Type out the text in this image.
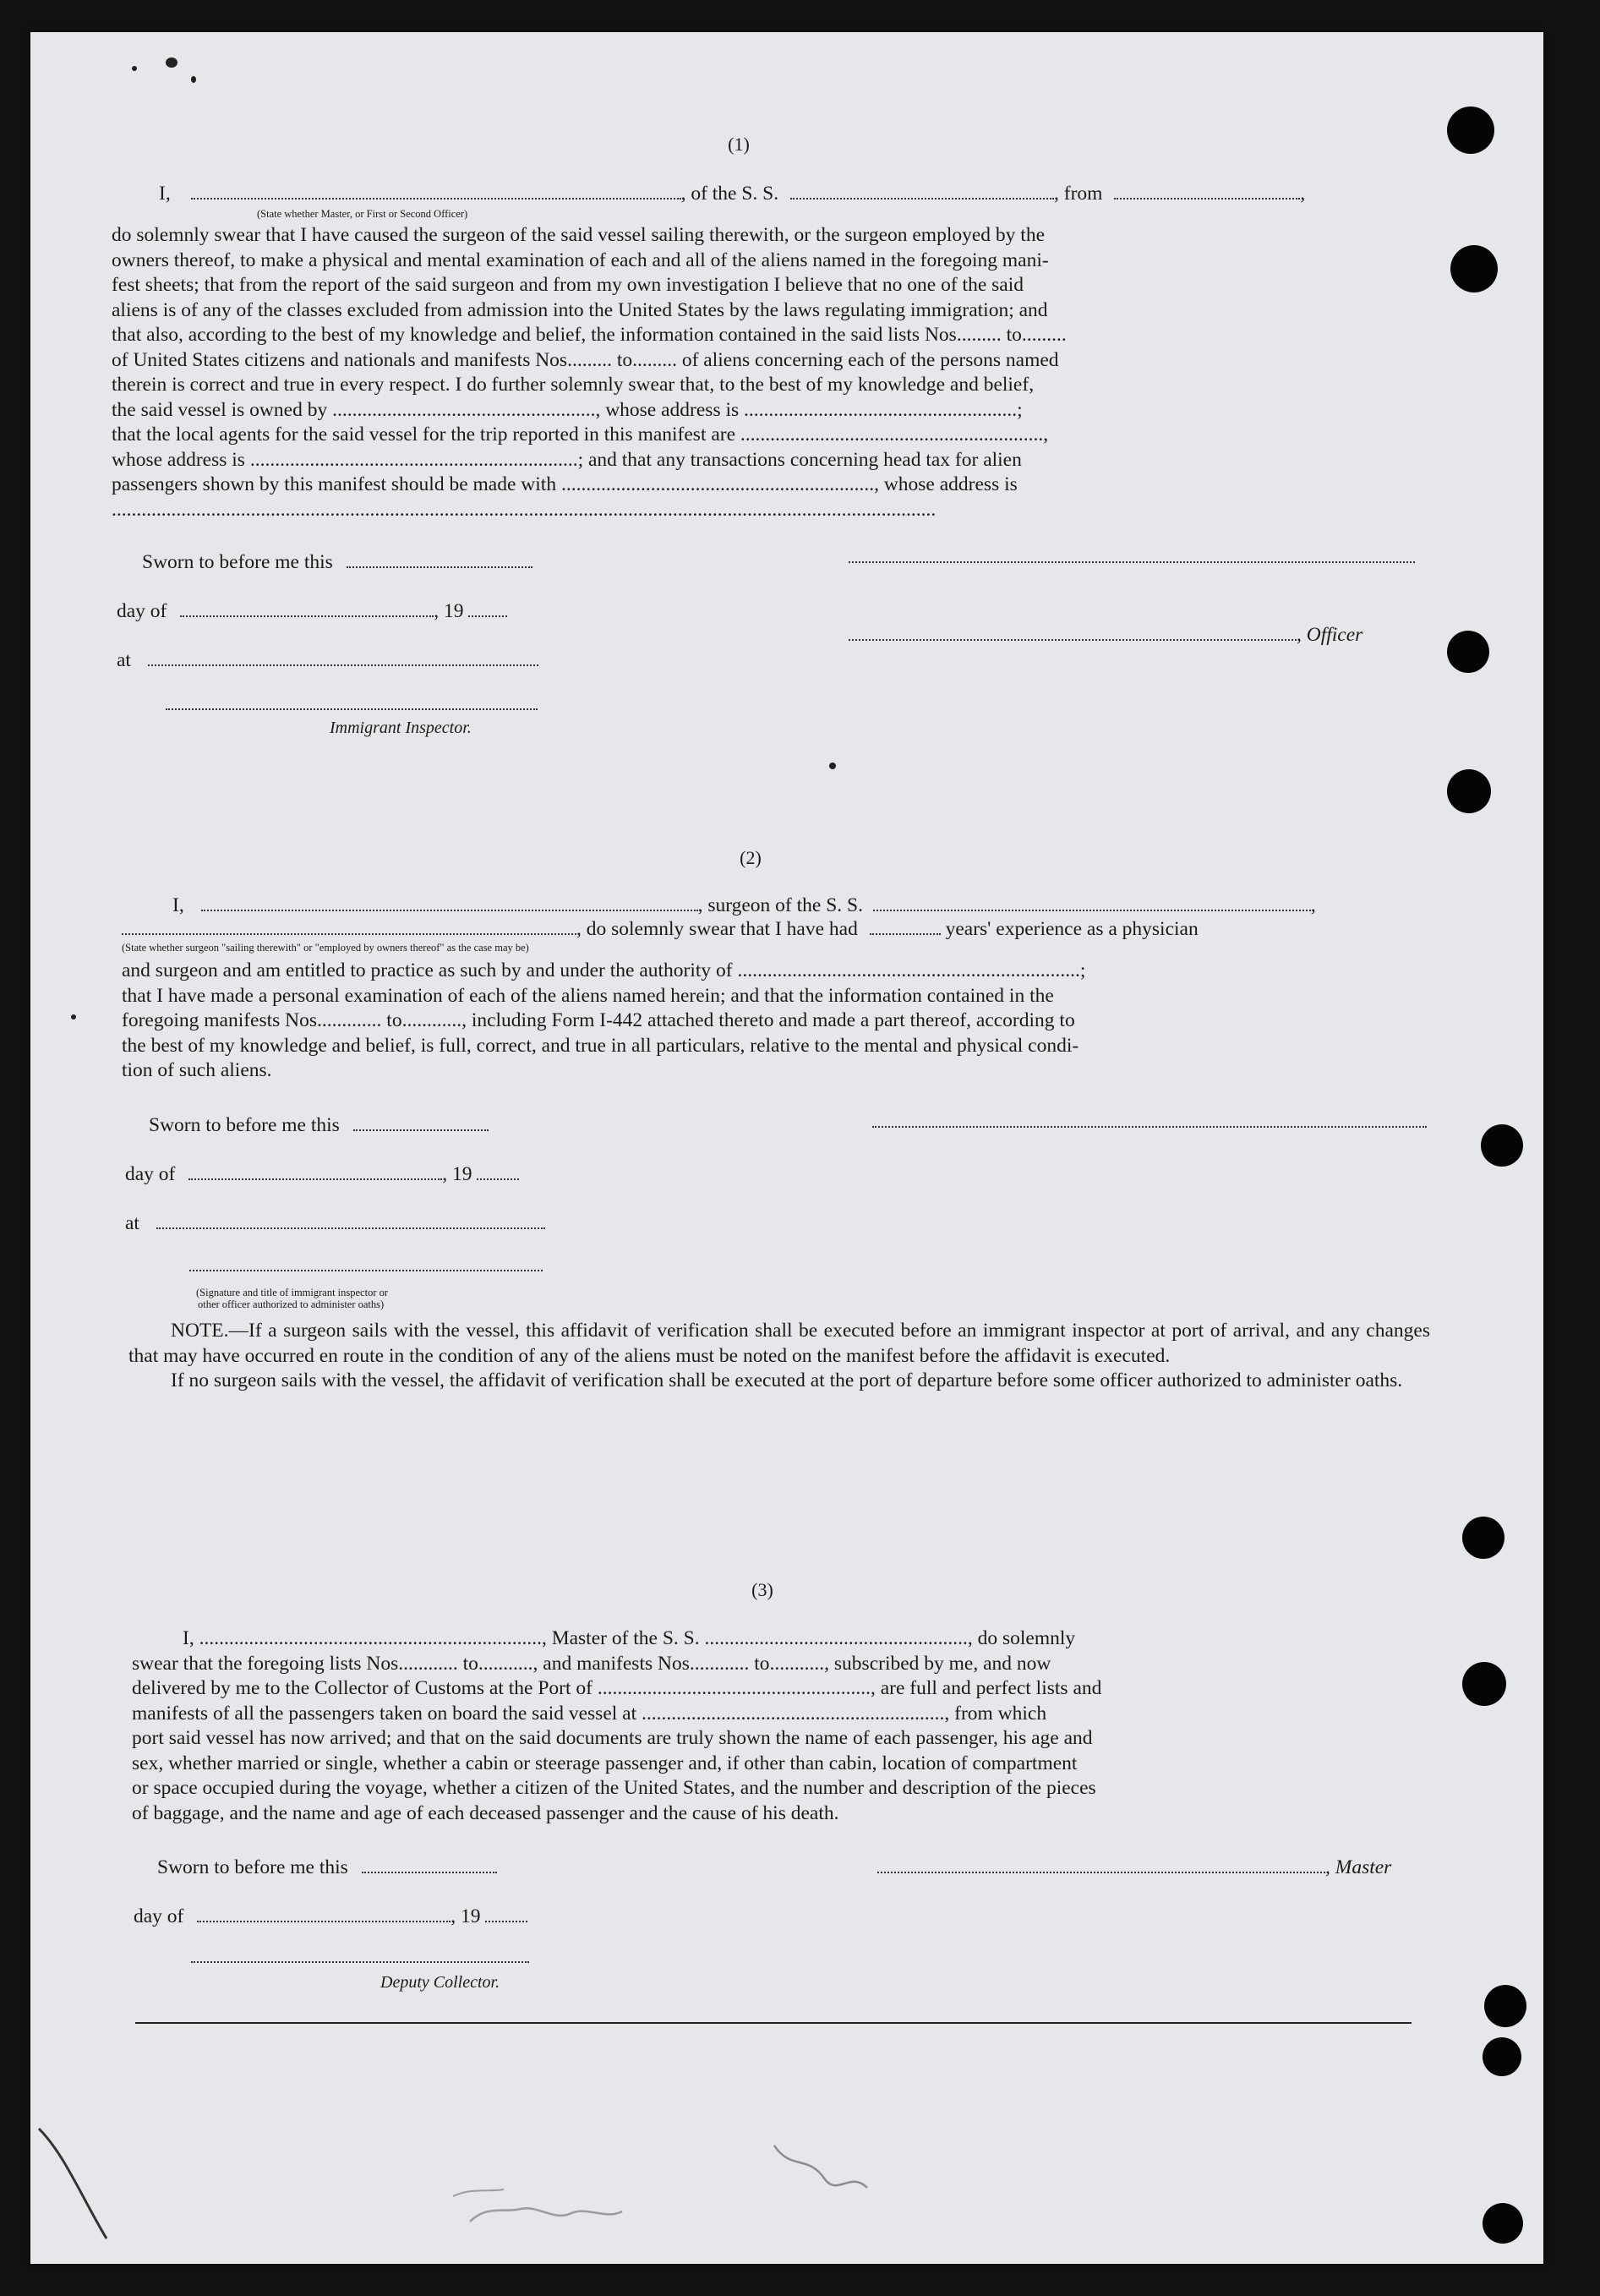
(1)
I,	, of the S. S.	, from	,
(State whether Master, or First or Second Officer)

do solemnly swear that I have caused the surgeon of the said vessel sailing therewith, or the surgeon employed by the

owners thereof, to make a physical and mental examination of each and all of the aliens named in the foregoing mani-

fest sheets; that from the report of the said surgeon and from my own investigation I believe that no one of the said

aliens is of any of the classes excluded from admission into the United States by the laws regulating immigration; and

that also, according to the best of my knowledge and belief, the information contained in the said lists Nos......... to.........

of United States citizens and nationals and manifests Nos......... to......... of aliens concerning each of the persons named

therein is correct and true in every respect. I do further solemnly swear that, to the best of my knowledge and belief,

the said vessel is owned by ....................................................., whose address is .......................................................;

that the local agents for the said vessel for the trip reported in this manifest are .............................................................,

whose address is ..................................................................; and that any transactions concerning head tax for alien

passengers shown by this manifest should be made with ..............................................................., whose address is

......................................................................................................................................................................

Sworn to before me this
day of	, 19
, Officer
at
Immigrant Inspector.
(2)
I,	, surgeon of the S. S.	,
, do solemnly swear that I have had	years' experience as a physician
(State whether surgeon "sailing therewith" or "employed by owners thereof" as the case may be)

and surgeon and am entitled to practice as such by and under the authority of .....................................................................;

that I have made a personal examination of each of the aliens named herein; and that the information contained in the

foregoing manifests Nos............. to............, including Form I-442 attached thereto and made a part thereof, according to

the best of my knowledge and belief, is full, correct, and true in all particulars, relative to the mental and physical condi-

tion of such aliens.

Sworn to before me this
day of	, 19
at
(Signature and title of immigrant inspector or
other officer authorized to administer oaths)

NOTE.—If a surgeon sails with the vessel, this affidavit of verification shall be executed before an immigrant inspector at port of arrival, and any changes that may have occurred en route in the condition of any of the aliens must be noted on the manifest before the affidavit is executed.

If no surgeon sails with the vessel, the affidavit of verification shall be executed at the port of departure before some officer authorized to administer oaths.

(3)

I, ....................................................................., Master of the S. S. ....................................................., do solemnly

swear that the foregoing lists Nos............ to..........., and manifests Nos............ to..........., subscribed by me, and now

delivered by me to the Collector of Customs at the Port of ......................................................., are full and perfect lists and

manifests of all the passengers taken on board the said vessel at ............................................................., from which

port said vessel has now arrived; and that on the said documents are truly shown the name of each passenger, his age and

sex, whether married or single, whether a cabin or steerage passenger and, if other than cabin, location of compartment

or space occupied during the voyage, whether a citizen of the United States, and the number and description of the pieces

of baggage, and the name and age of each deceased passenger and the cause of his death.

Sworn to before me this	, Master
day of	, 19
Deputy Collector.
